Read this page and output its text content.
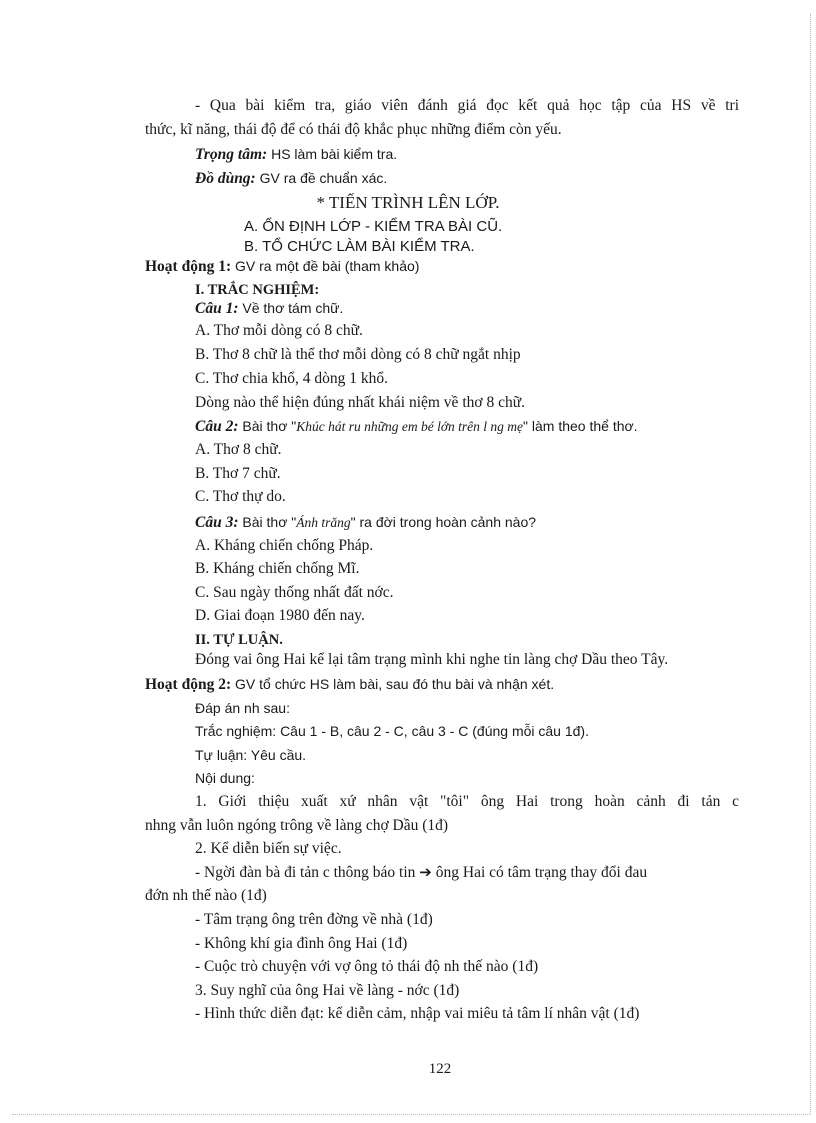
- Qua bài kiểm tra, giáo viên đánh giá đọc kết quả học tập của HS về tri
thức, kĩ năng, thái độ để có thái độ khắc phục những điểm còn yếu.
Trọng tâm: HS làm bài kiểm tra.
Đồ dùng: GV ra đề chuẩn xác.
* TIẾN TRÌNH LÊN LỚP.
A. ỔN ĐỊNH LỚP - KIỂM TRA BÀI CŨ.
B. TỔ CHỨC LÀM BÀI KIỂM TRA.
Hoạt động 1: GV ra một đề bài (tham khảo)
I. TRẮC NGHIỆM:
Câu 1: Về thơ tám chữ.
A. Thơ mỗi dòng có 8 chữ.
B. Thơ 8 chữ là thể thơ mỗi dòng có 8 chữ ngắt nhịp
C. Thơ chia khổ, 4 dòng 1 khổ.
Dòng nào thể hiện đúng nhất khái niệm về thơ 8 chữ.
Câu 2: Bài thơ "Khúc hát ru những em bé lớn trên l ng mẹ" làm theo thể thơ.
A. Thơ 8 chữ.
B. Thơ 7 chữ.
C. Thơ thự do.
Câu 3: Bài thơ "Ánh trăng" ra đời trong hoàn cảnh nào?
A. Kháng chiến chống Pháp.
B. Kháng chiến chống Mĩ.
C. Sau ngày thống nhất đất nớc.
D. Giai đoạn 1980 đến nay.
II. TỰ LUẬN.
Đóng vai ông Hai kể lại tâm trạng mình khi nghe tin làng chợ Dầu theo Tây.
Hoạt động 2: GV tổ chức HS làm bài, sau đó thu bài và nhận xét.
Đáp án nh sau:
Trắc nghiệm: Câu 1 - B, câu 2 - C, câu 3 - C (đúng mỗi câu 1đ).
Tự luận: Yêu cầu.
Nội dung:
1. Giới thiệu xuất xứ nhân vật "tôi" ông Hai trong hoàn cảnh đi tản c
nhng vẫn luôn ngóng trông về làng chợ Dầu (1đ)
2. Kể diễn biến sự việc.
- Ngời đàn bà đi tản c thông báo tin ➔ ông Hai có tâm trạng thay đổi đau
đớn nh thế nào (1đ)
- Tâm trạng ông trên đờng về nhà (1đ)
- Không khí gia đình ông Hai (1đ)
- Cuộc trò chuyện với vợ ông tỏ thái độ nh thế nào (1đ)
3. Suy nghĩ của ông Hai về làng - nớc (1đ)
- Hình thức diễn đạt: kể diễn cảm, nhập vai miêu tả tâm lí nhân vật (1đ)
122
